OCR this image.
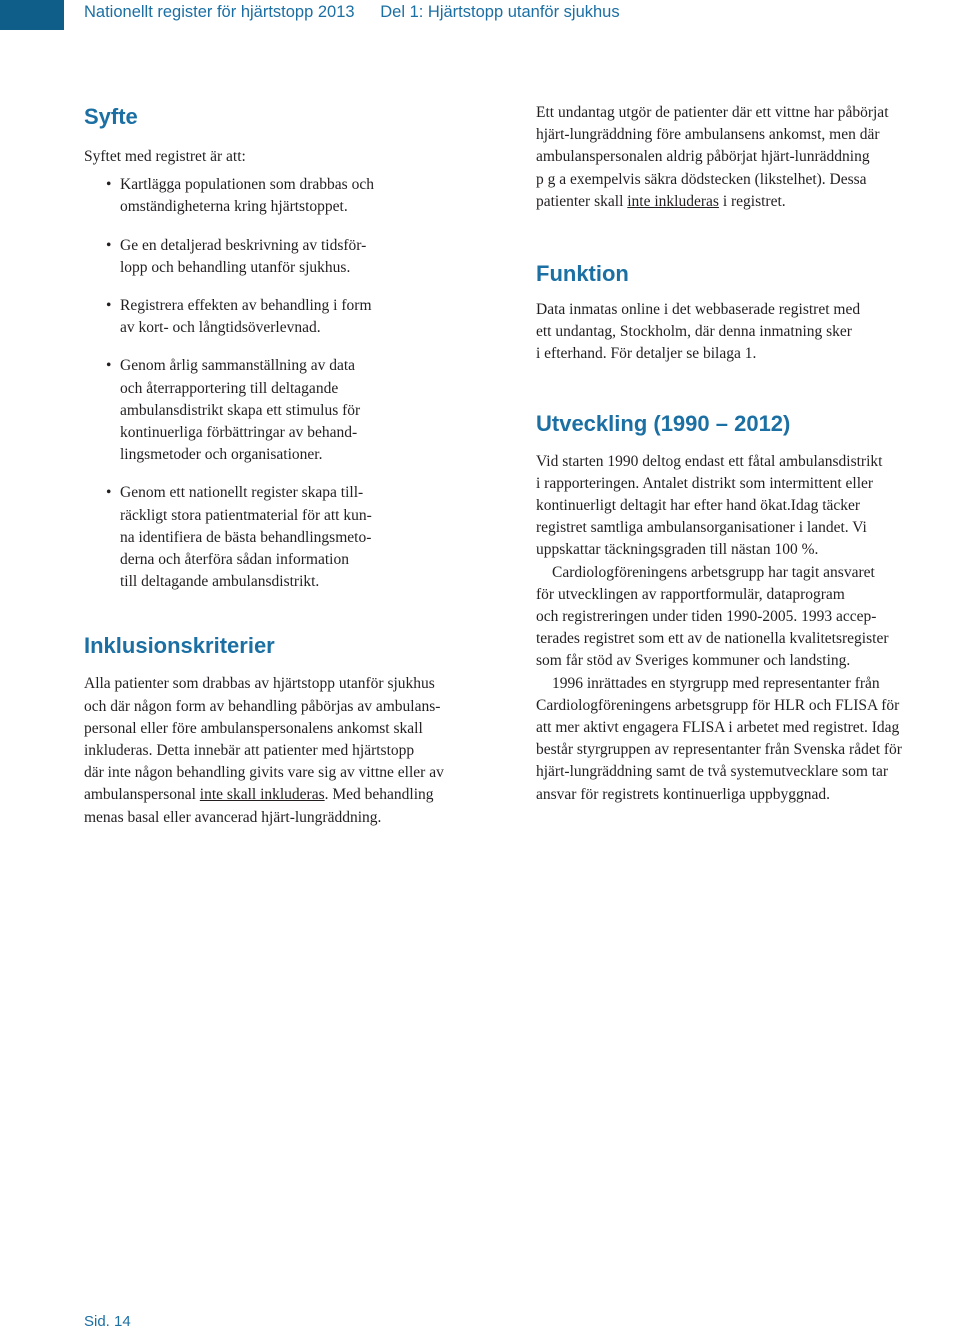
Nationellt register för hjärtstopp 2013   Del 1: Hjärtstopp utanför sjukhus
Syfte

Syftet med registret är att:

• Kartlägga populationen som drabbas och
omständigheterna kring hjärtstoppet.
• Ge en detaljerad beskrivning av tidsför-
lopp och behandling utanför sjukhus.
• Registrera effekten av behandling i form
av kort- och långtidsöverlevnad.
• Genom årlig sammanställning av data
och återrapportering till deltagande
ambulansdistrikt skapa ett stimulus för
kontinuerliga förbättringar av behand-
lingsmetoder och organisationer.
• Genom ett nationellt register skapa till-
räckligt stora patientmaterial för att kun-
na identifiera de bästa behandlingsmeto-
derna och återföra sådan information
till deltagande ambulansdistrikt.
Inklusionskriterier
Alla patienter som drabbas av hjärtstopp utanför sjukhus
och där någon form av behandling påbörjas av ambulans-
personal eller före ambulanspersonalens ankomst skall
inkluderas. Detta innebär att patienter med hjärtstopp
där inte någon behandling givits vare sig av vittne eller av
ambulanspersonal inte skall inkluderas. Med behandling
menas basal eller avancerad hjärt-lungräddning.
Ett undantag utgör de patienter där ett vittne har påbörjat
hjärt-lungräddning före ambulansens ankomst, men där
ambulanspersonalen aldrig påbörjat hjärt-lunräddning
p g a exempelvis säkra dödstecken (likstelhet). Dessa
patienter skall inte inkluderas i registret.
Funktion
Data inmatas online i det webbaserade registret med
ett undantag, Stockholm, där denna inmatning sker
i efterhand. För detaljer se bilaga 1.
Utveckling (1990 – 2012)
Vid starten 1990 deltog endast ett fåtal ambulansdistrikt
i rapporteringen. Antalet distrikt som intermittent eller
kontinuerligt deltagit har efter hand ökat.Idag täcker
registret samtliga ambulansorganisationer i landet. Vi
uppskattar täckningsgraden till nästan 100 %.
Cardiologföreningens arbetsgrupp har tagit ansvaret
för utvecklingen av rapportformulär, dataprogram
och registreringen under tiden 1990-2005. 1993 accep-
terades registret som ett av de nationella kvalitetsregister
som får stöd av Sveriges kommuner och landsting.
1996 inrättades en styrgrupp med representanter från
Cardiologföreningens arbetsgrupp för HLR och FLISA för
att mer aktivt engagera FLISA i arbetet med registret. Idag
består styrgruppen av representanter från Svenska rådet för
hjärt-lungräddning samt de två systemutvecklare som tar
ansvar för registrets kontinuerliga uppbyggnad.
Sid. 14
